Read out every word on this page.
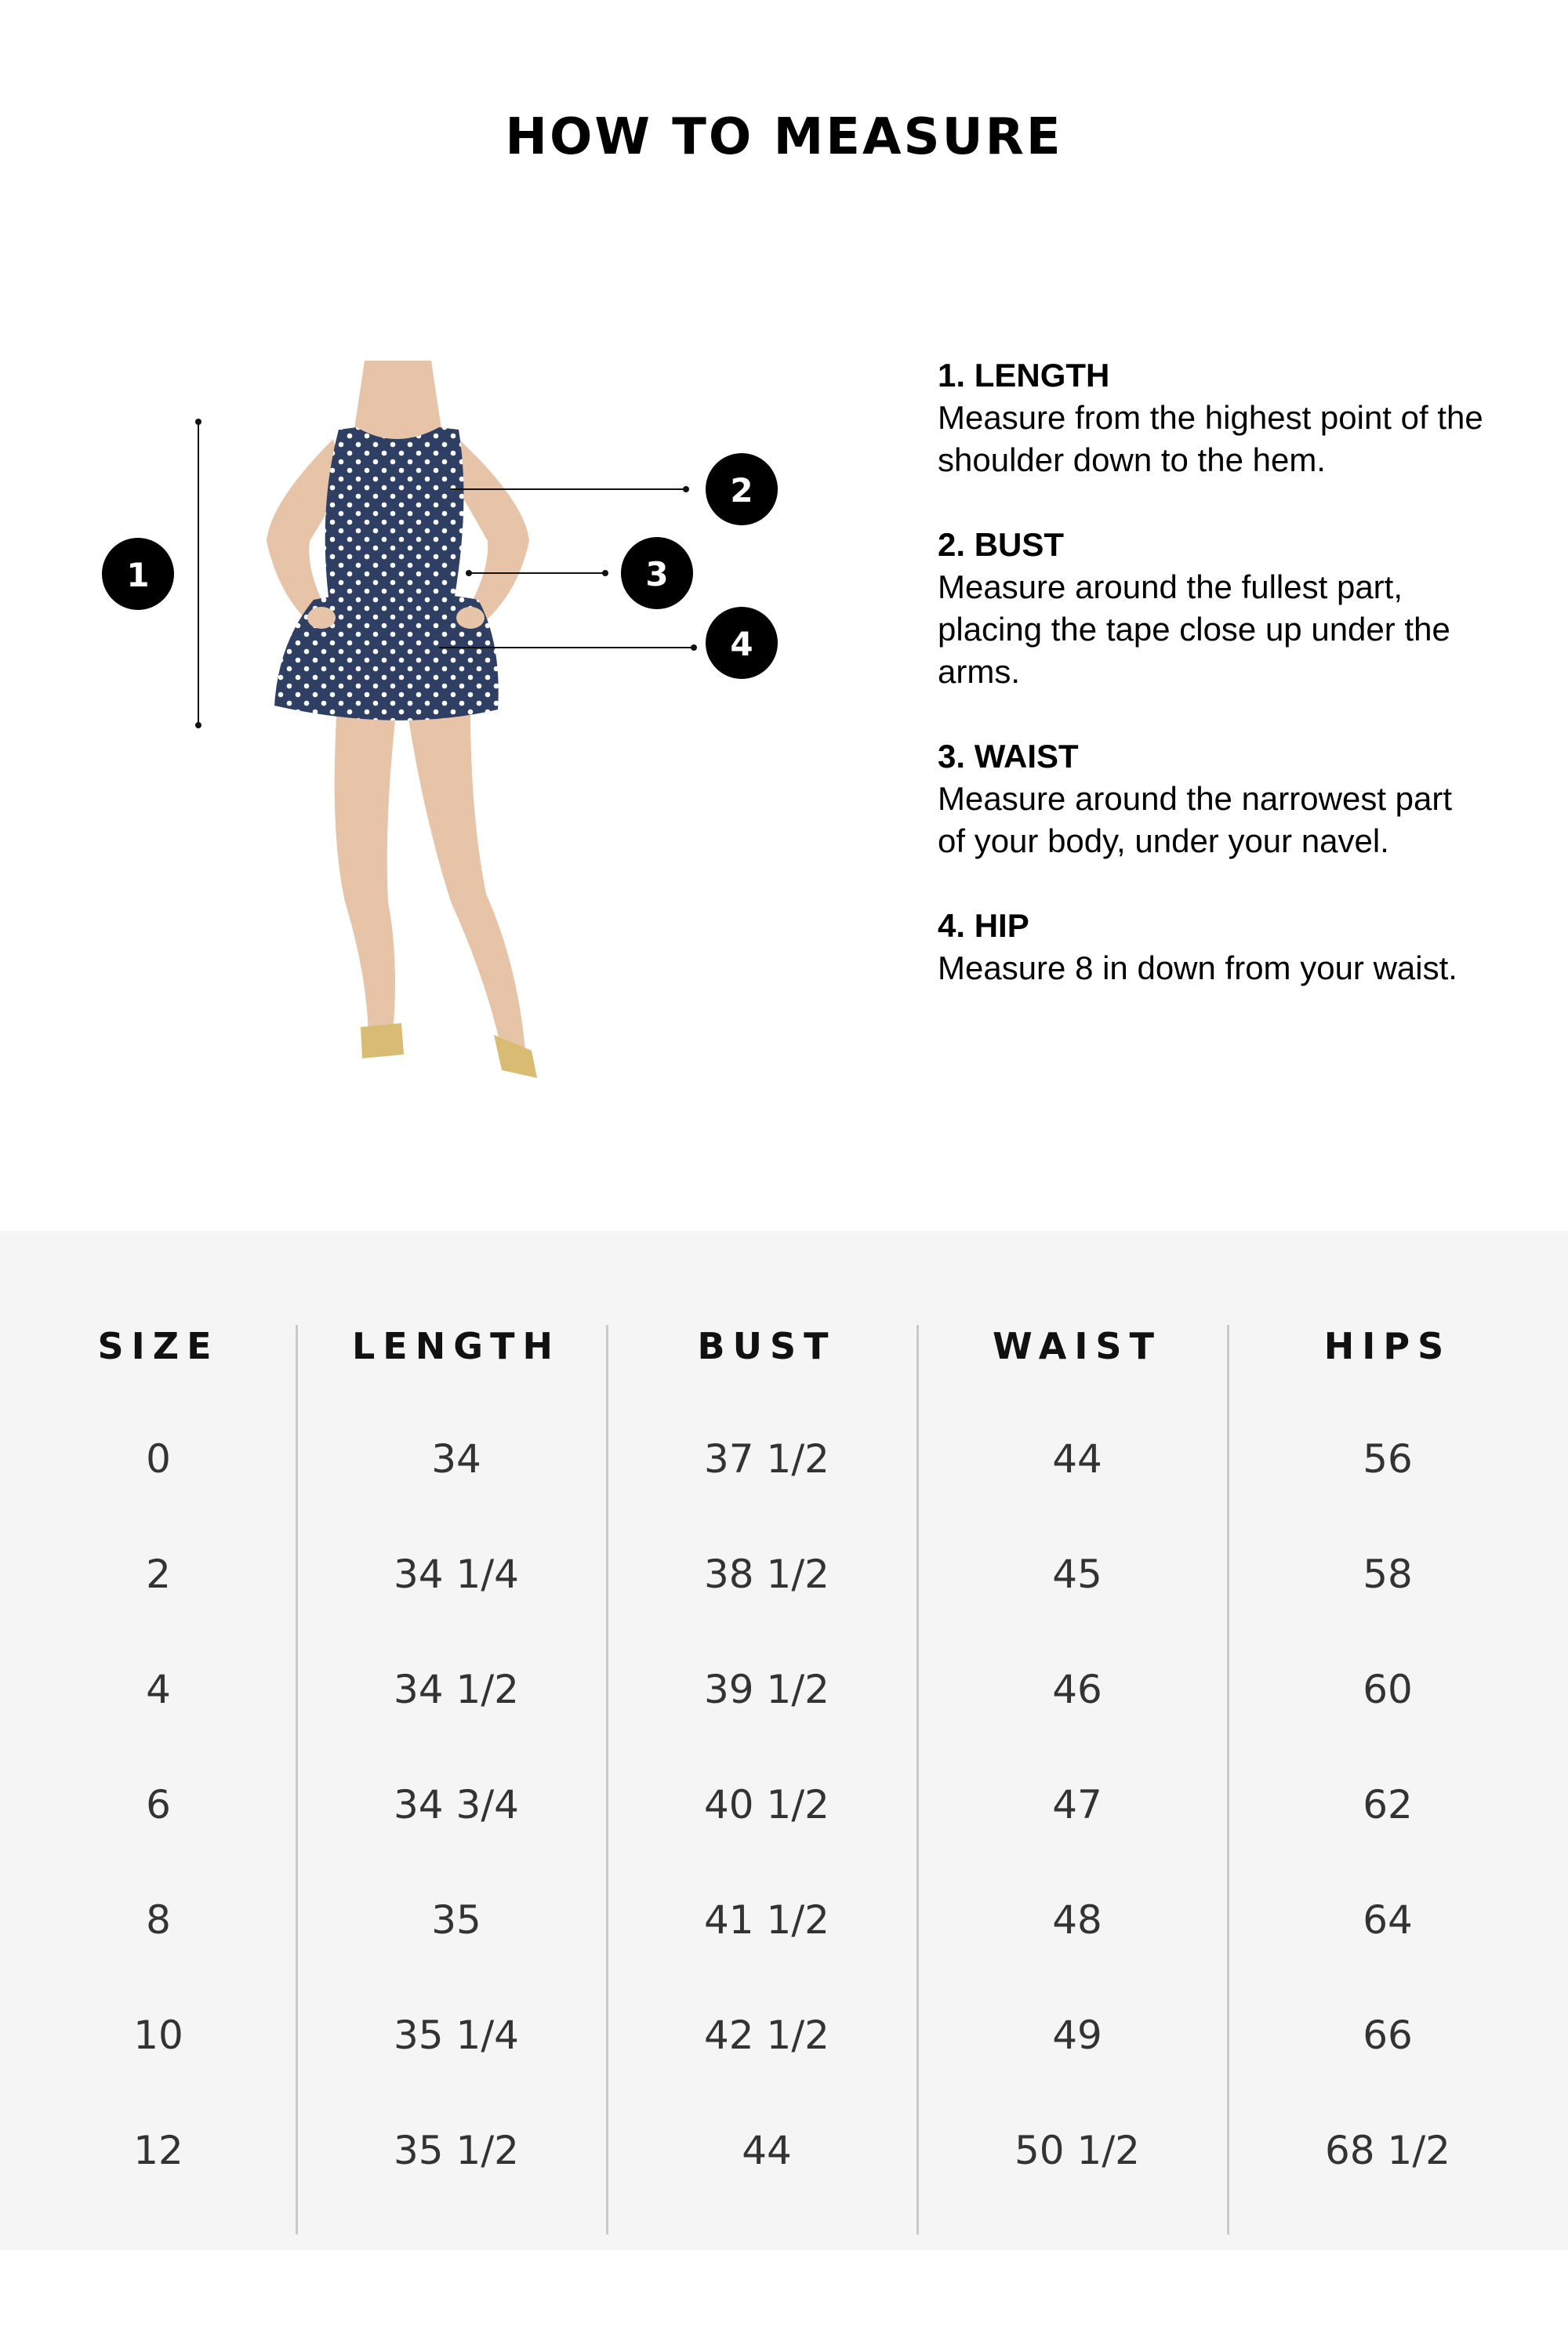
HOW TO MEASURE
1
2
3
4
1. LENGTH
Measure from the highest point of the shoulder down to the hem.
2. BUST
Measure around the fullest part, placing the tape close up under the arms.
3. WAIST
Measure around the narrowest part of your body, under your navel.
4. HIP
Measure 8 in down from your waist.
SIZE	LENGTH	BUST	WAIST	HIPS
0	34	37 1/2	44	56
2	34 1/4	38 1/2	45	58
4	34 1/2	39 1/2	46	60
6	34 3/4	40 1/2	47	62
8	35	41 1/2	48	64
10	35 1/4	42 1/2	49	66
12	35 1/2	44	50 1/2	68 1/2
